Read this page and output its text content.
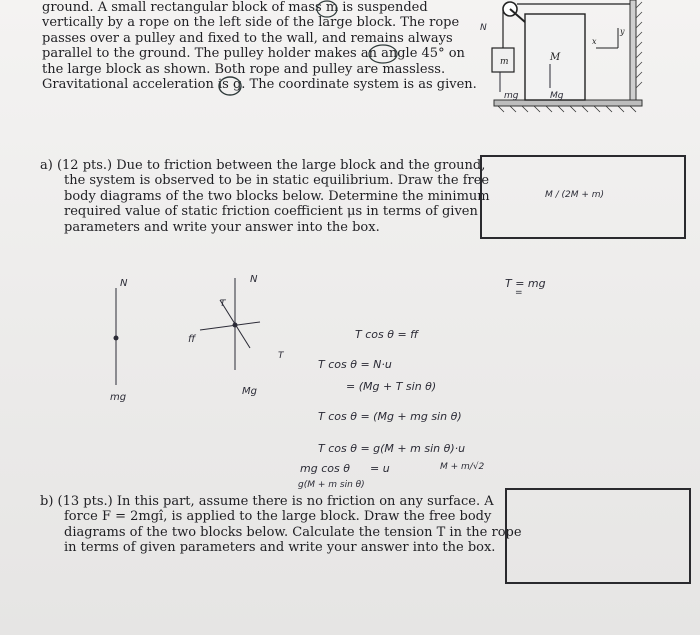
ground. A small rectangular block of mass m is suspended
vertically by a rope on the left side of the large block. The rope
passes over a pulley and fixed to the wall, and remains always
parallel to the ground. The pulley holder makes an angle 45° on
the large block as shown. Both rope and pulley are massless.
Gravitational acceleration is g. The coordinate system is as given.
m	M
y
x
mg	Mg
N
a) (12 pts.) Due to friction between the large block and the ground,
the system is observed to be in static equilibrium. Draw the free
body diagrams of the two blocks below. Determine the minimum
required value of static friction coefficient μs in terms of given
parameters and write your answer into the box.
M / (2M + m)
T = mg
=
N
mg
T
N
ff
T
Mg
T cos θ = ff
T cos θ = N·u
= (Mg + T sin θ)
T cos θ = (Mg + mg sin θ)
T cos θ = g(M + m sin θ)·u
mg cos θ = u	M + m/√2
g(M + m sin θ)
b) (13 pts.) In this part, assume there is no friction on any surface. A
force F = 2mgî, is applied to the large block. Draw the free body
diagrams of the two blocks below. Calculate the tension T in the rope
in terms of given parameters and write your answer into the box.
